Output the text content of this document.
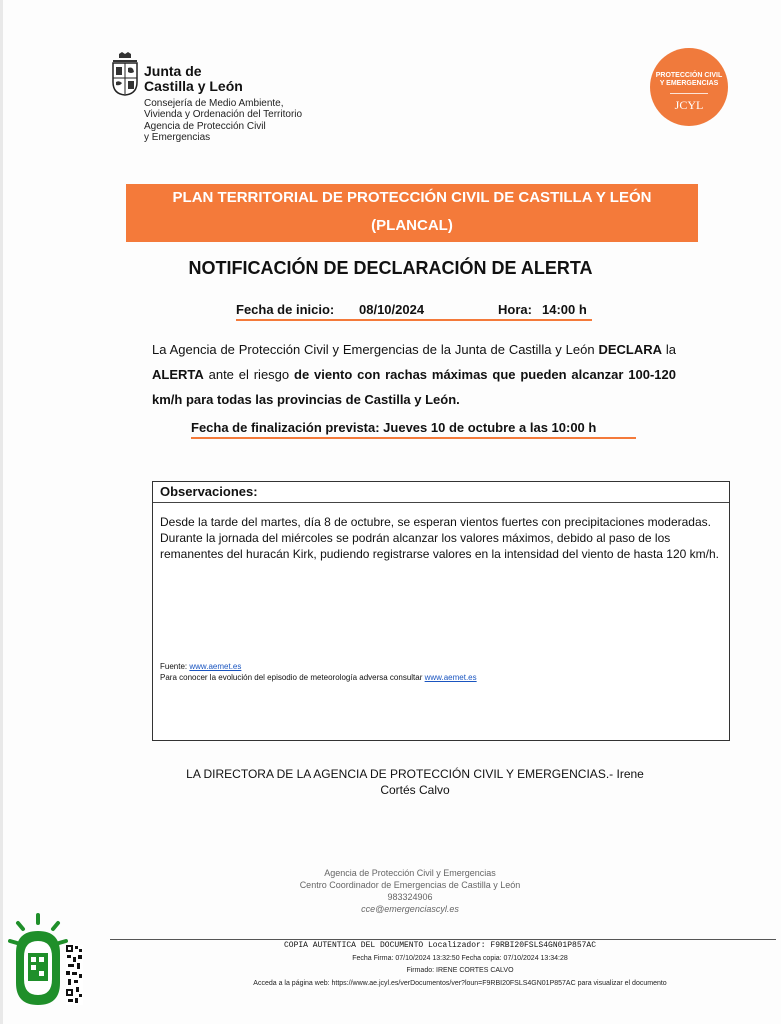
Junta de
Castilla y León
Consejería de Medio Ambiente,
Vivienda y Ordenación del Territorio
Agencia de Protección Civil
y Emergencias
PROTECCIÓN CIVIL
Y EMERGENCIAS
JCYL
PLAN TERRITORIAL DE PROTECCIÓN CIVIL DE CASTILLA Y LEÓN
(PLANCAL)
NOTIFICACIÓN DE DECLARACIÓN DE ALERTA
Fecha de inicio: 08/10/2024	Hora: 14:00 h
La Agencia de Protección Civil y Emergencias de la Junta de Castilla y León DECLARA la ALERTA ante el riesgo de viento con rachas máximas que pueden alcanzar 100-120 km/h para todas las provincias de Castilla y León.
Fecha de finalización prevista: Jueves 10 de octubre a las 10:00 h
Observaciones:
Desde la tarde del martes, día 8 de octubre, se esperan vientos fuertes con precipitaciones moderadas. Durante la jornada del miércoles se podrán alcanzar los valores máximos, debido al paso de los remanentes del huracán Kirk, pudiendo registrarse valores en la intensidad del viento de hasta 120 km/h.
Fuente: www.aemet.es
Para conocer la evolución del episodio de meteorología adversa consultar www.aemet.es
LA DIRECTORA DE LA AGENCIA DE PROTECCIÓN CIVIL Y EMERGENCIAS.- Irene
Cortés Calvo
Agencia de Protección Civil y Emergencias
Centro Coordinador de Emergencias de Castilla y León
983324906
cce@emergenciascyl.es
COPIA AUTENTICA DEL DOCUMENTO Localizador: F9RBI20FSLS4GN01P857AC
Fecha Firma: 07/10/2024 13:32:50 Fecha copia: 07/10/2024 13:34:28
Firmado: IRENE CORTES CALVO
Acceda a la página web: https://www.ae.jcyl.es/verDocumentos/ver?loun=F9RBI20FSLS4GN01P857AC para visualizar el documento
